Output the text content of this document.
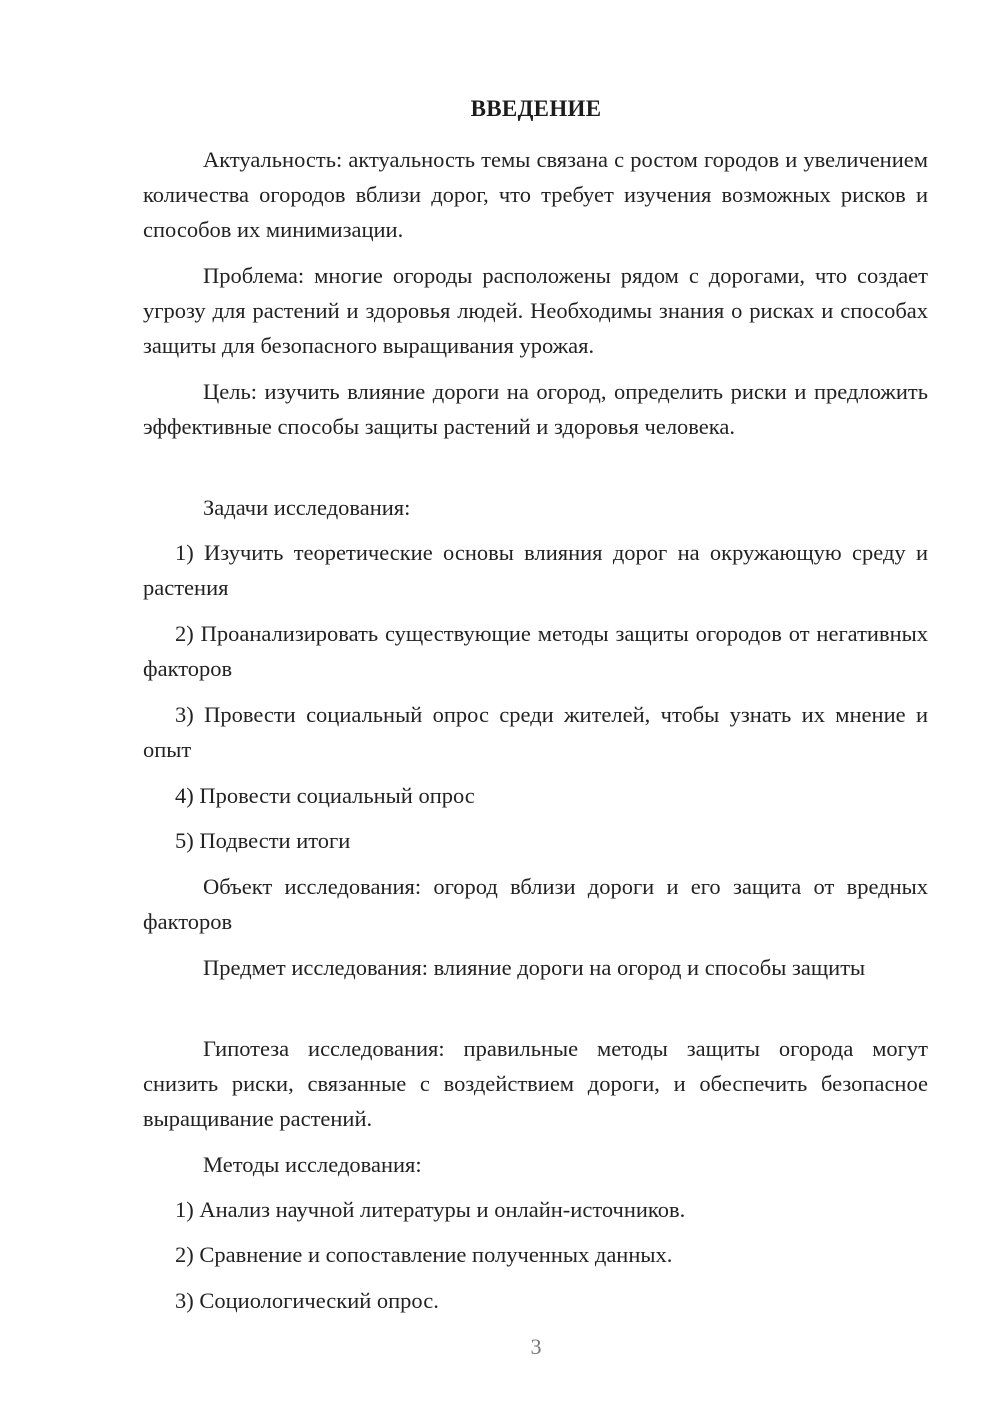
ВВЕДЕНИЕ

Актуальность: актуальность темы связана с ростом городов и увеличением количества огородов вблизи дорог, что требует изучения возможных рисков и способов их минимизации.

Проблема: многие огороды расположены рядом с дорогами, что создает угрозу для растений и здоровья людей. Необходимы знания о рисках и способах защиты для безопасного выращивания урожая.

Цель: изучить влияние дороги на огород, определить риски и предложить эффективные способы защиты растений и здоровья человека.

Задачи исследования:

1) Изучить теоретические основы влияния дорог на окружающую среду и растения

2) Проанализировать существующие методы защиты огородов от негативных факторов

3) Провести социальный опрос среди жителей, чтобы узнать их мнение и опыт

4) Провести социальный опрос

5) Подвести итоги

Объект исследования: огород вблизи дороги и его защита от вредных факторов

Предмет исследования: влияние дороги на огород и способы защиты

Гипотеза исследования: правильные методы защиты огорода могут снизить риски, связанные с воздействием дороги, и обеспечить безопасное выращивание растений.

Методы исследования:

1) Анализ научной литературы и онлайн-источников.

2) Сравнение и сопоставление полученных данных.

3) Социологический опрос.

3
